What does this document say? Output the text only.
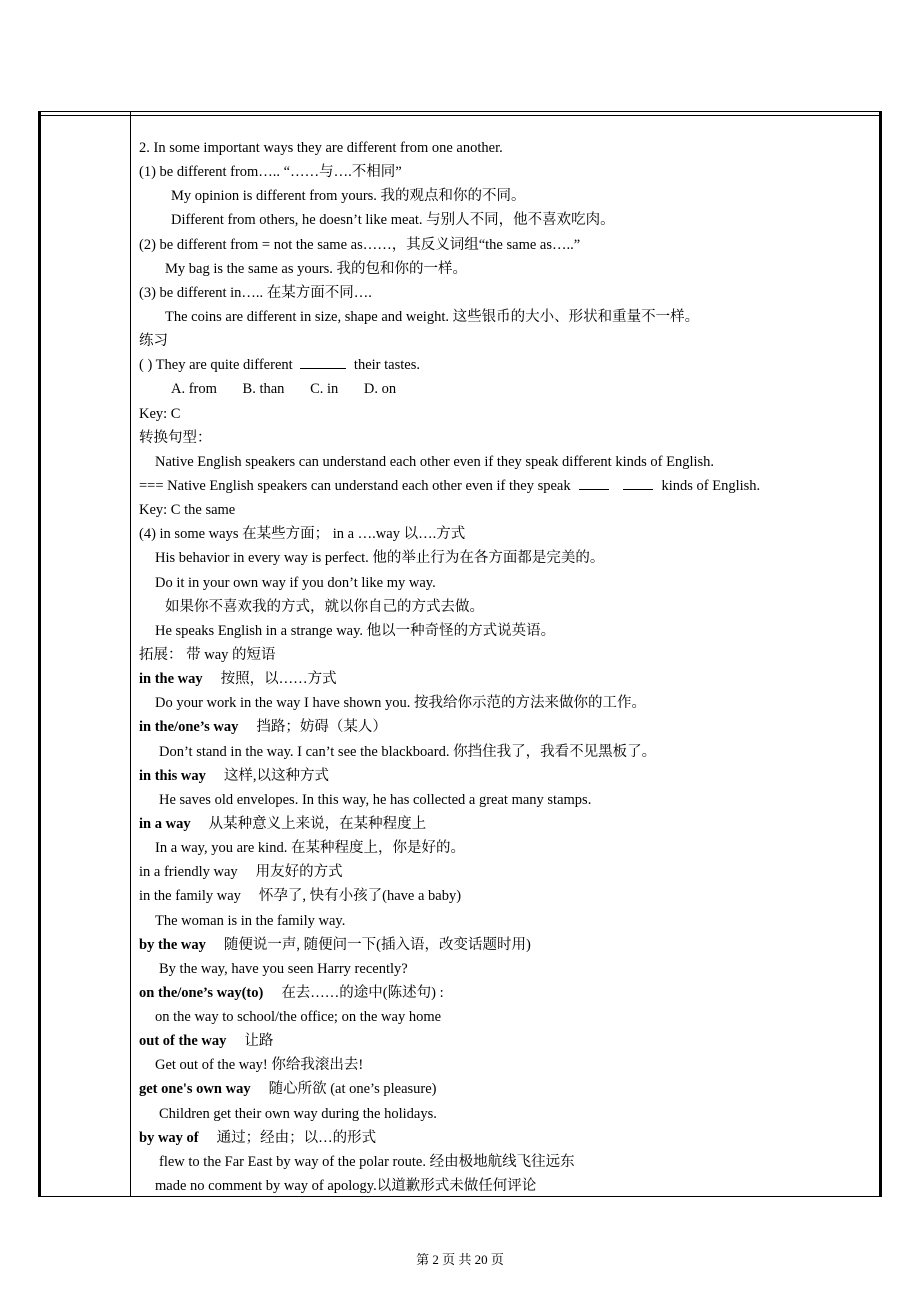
2. In some important ways they are different from one another.
(1) be different from….. “……与….不相同”
My opinion is different from yours. 我的观点和你的不同。
Different from others, he doesn’t like meat. 与别人不同，他不喜欢吃肉。
(2) be different from = not the same as……，其反义词组“the same as…..”
My bag is the same as yours. 我的包和你的一样。
(3) be different in….. 在某方面不同….
The coins are different in size, shape and weight. 这些银币的大小、形状和重量不一样。
练习
( ) They are quite different	their tastes.
A. from B. than C. in D. on
Key: C
转换句型：
Native English speakers can understand each other even if they speak different kinds of English.
=== Native English speakers can understand each other even if they speak	kinds of English.
Key: C the same
(4) in some ways 在某些方面； in a ….way 以….方式
His behavior in every way is perfect. 他的举止行为在各方面都是完美的。
Do it in your own way if you don’t like my way.
如果你不喜欢我的方式，就以你自己的方式去做。
He speaks English in a strange way. 他以一种奇怪的方式说英语。
拓展： 带 way 的短语
in the way 按照，以……方式
Do your work in the way I have shown you. 按我给你示范的方法来做你的工作。
in the/one’s way 挡路；妨碍（某人）
Don’t stand in the way. I can’t see the blackboard. 你挡住我了，我看不见黑板了。
in this way 这样,以这种方式
He saves old envelopes. In this way, he has collected a great many stamps.
in a way 从某种意义上来说，在某种程度上
In a way, you are kind. 在某种程度上，你是好的。
in a friendly way 用友好的方式
in the family way 怀孕了, 快有小孩了(have a baby)
The woman is in the family way.
by the way 随便说一声, 随便问一下(插入语，改变话题时用)
By the way, have you seen Harry recently?
on the/one’s way(to) 在去……的途中(陈述句) :
on the way to school/the office; on the way home
out of the way 让路
Get out of the way! 你给我滚出去!
get one's own way 随心所欲 (at one’s pleasure)
Children get their own way during the holidays.
by way of 通过；经由；以…的形式
flew to the Far East by way of the polar route. 经由极地航线飞往远东
made no comment by way of apology.以道歉形式未做任何评论
第 2 页 共 20 页
